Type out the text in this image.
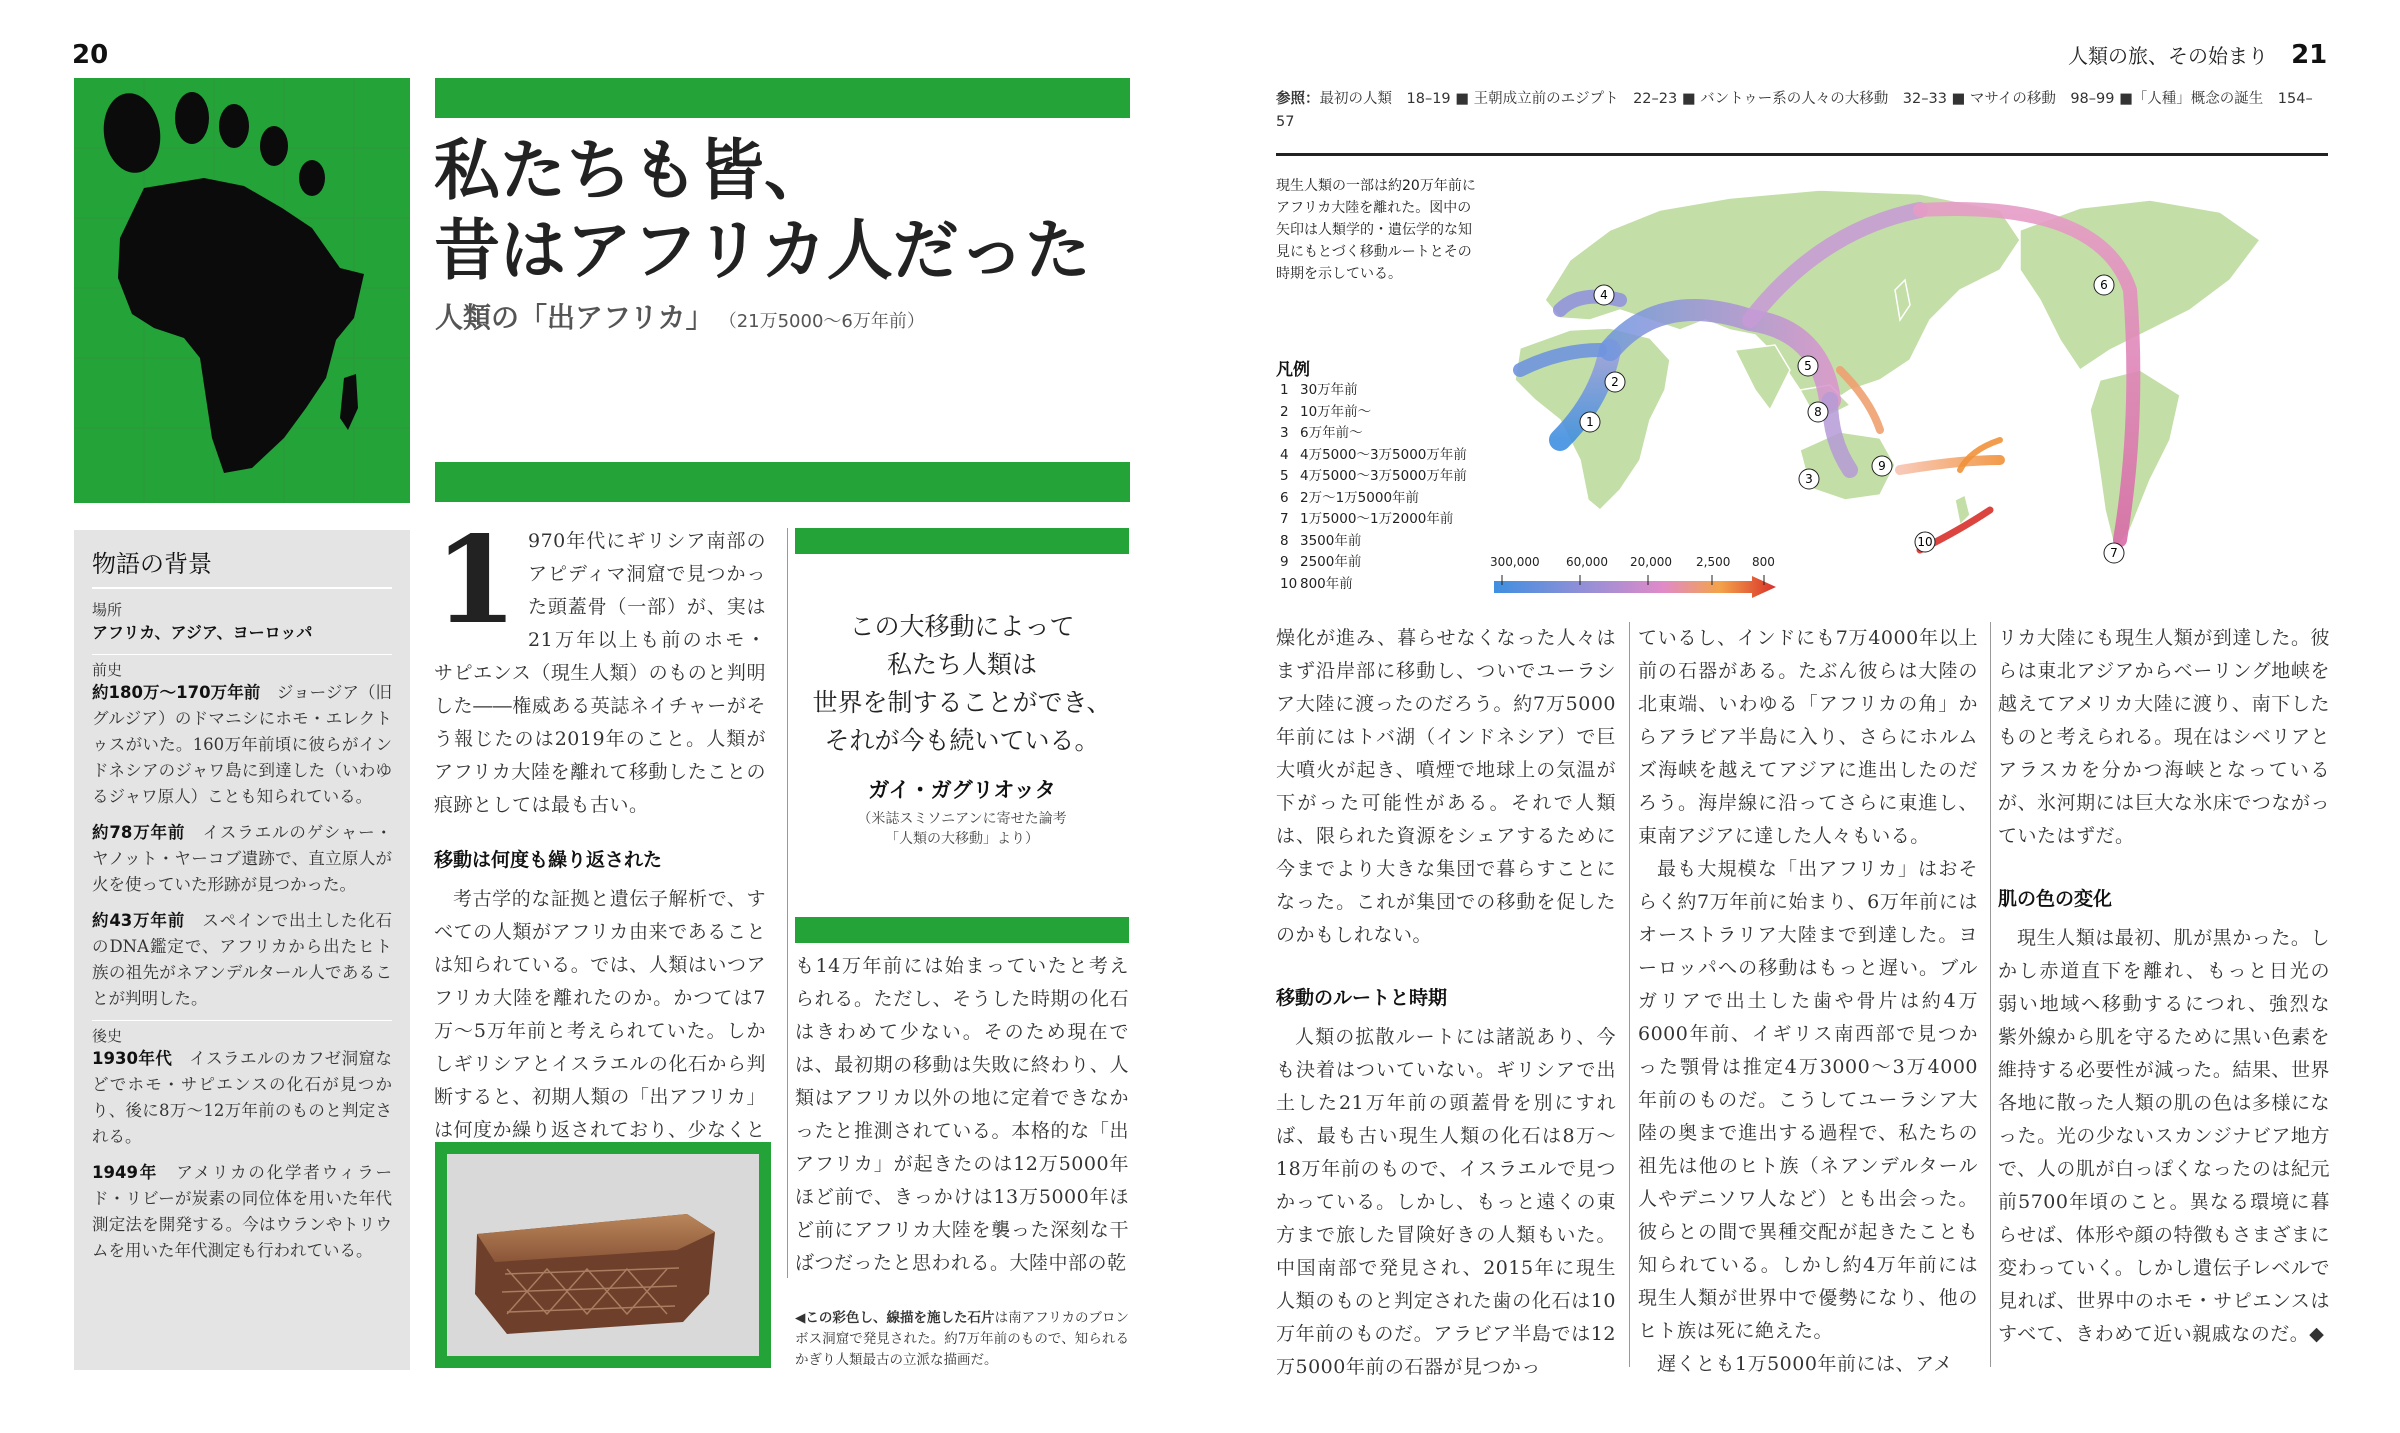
20
私たちも皆、
昔はアフリカ人だった
人類の「出アフリカ」 （21万5000～6万年前）
物語の背景
場所
アフリカ、アジア、ヨーロッパ
前史
約180万～170万年前　 ジョージア（旧グルジア）のドマニシにホモ・エレクトゥスがいた。160万年前頃に彼らがインドネシアのジャワ島に到達した（いわゆるジャワ原人）ことも知られている。
約78万年前　 イスラエルのゲシャー・ヤノット・ヤーコブ遺跡で、直立原人が火を使っていた形跡が見つかった。
約43万年前　 スペインで出土した化石のDNA鑑定で、アフリカから出たヒト族の祖先がネアンデルタール人であることが判明した。
後史
1930年代　 イスラエルのカフゼ洞窟などでホモ・サピエンスの化石が見つかり、後に8万～12万年前のものと判定される。
1949年　 アメリカの化学者ウィラード・リビーが炭素の同位体を用いた年代測定法を開発する。今はウランやトリウムを用いた年代測定も行われている。
1 970年代にギリシア南部のアピディマ洞窟で見つかった頭蓋骨（一部）が、実は21万年以上も前のホモ・サピエンス（現生人類）のものと判明した――権威ある英誌ネイチャーがそう報じたのは2019年のこと。人類がアフリカ大陸を離れて移動したことの痕跡としては最も古い。
移動は何度も繰り返された

考古学的な証拠と遺伝子解析で、すべての人類がアフリカ由来であることは知られている。では、人類はいつアフリカ大陸を離れたのか。かつては7万～5万年前と考えられていた。しかしギリシアとイスラエルの化石から判断すると、初期人類の「出アフリカ」は何度か繰り返されており、少なくと

この大移動によって
私たち人類は
世界を制することができ、
それが今も続いている。
ガイ・ガグリオッタ
（米誌スミソニアンに寄せた論考
「人類の大移動」より）

も14万年前には始まっていたと考えられる。ただし、そうした時期の化石はきわめて少ない。そのため現在では、最初期の移動は失敗に終わり、人類はアフリカ以外の地に定着できなかったと推測されている。本格的な「出アフリカ」が起きたのは12万5000年ほど前で、きっかけは13万5000年ほど前にアフリカ大陸を襲った深刻な干ばつだったと思われる。大陸中部の乾

◀この彩色し、線描を施した石片は南アフリカのブロンボス洞窟で発見された。約7万年前のもので、知られるかぎり人類最古の立派な描画だ。
人類の旅、その始まり 21
参照：最初の人類　18–19 ■ 王朝成立前のエジプト　22–23 ■ バントゥー系の人々の大移動　32–33 ■ マサイの移動　98–99 ■「人種」概念の誕生　154–57
現生人類の一部は約20万年前にアフリカ大陸を離れた。図中の矢印は人類学的・遺伝学的な知見にもとづく移動ルートとその時期を示している。
凡例
1 30万年前
2 10万年前～
3 6万年前～
4 4万5000～3万5000万年前
5 4万5000～3万5000万年前
6 2万～1万5000年前
7 1万5000～1万2000年前
8 3500年前
9 2500年前
10 800年前
300,000 60,000 20,000 2,500 800
1
2
3
4
5
6
7
8
9
10

燥化が進み、暮らせなくなった人々はまず沿岸部に移動し、ついでユーラシア大陸に渡ったのだろう。約7万5000年前にはトバ湖（インドネシア）で巨大噴火が起き、噴煙で地球上の気温が下がった可能性がある。それで人類は、限られた資源をシェアするために今までより大きな集団で暮らすことになった。これが集団での移動を促したのかもしれない。

移動のルートと時期

人類の拡散ルートには諸説あり、今も決着はついていない。ギリシアで出土した21万年前の頭蓋骨を別にすれば、最も古い現生人類の化石は8万～18万年前のもので、イスラエルで見つかっている。しかし、もっと遠くの東方まで旅した冒険好きの人類もいた。中国南部で発見され、2015年に現生人類のものと判定された歯の化石は10万年前のものだ。アラビア半島では12万5000年前の石器が見つかっ

ているし、インドにも7万4000年以上前の石器がある。たぶん彼らは大陸の北東端、いわゆる「アフリカの角」からアラビア半島に入り、さらにホルムズ海峡を越えてアジアに進出したのだろう。海岸線に沿ってさらに東進し、東南アジアに達した人々もいる。

最も大規模な「出アフリカ」はおそらく約7万年前に始まり、6万年前にはオーストラリア大陸まで到達した。ヨーロッパへの移動はもっと遅い。ブルガリアで出土した歯や骨片は約4万6000年前、イギリス南西部で見つかった顎骨は推定4万3000～3万4000年前のものだ。こうしてユーラシア大陸の奥まで進出する過程で、私たちの祖先は他のヒト族（ネアンデルタール人やデニソワ人など）とも出会った。彼らとの間で異種交配が起きたことも知られている。しかし約4万年前には現生人類が世界中で優勢になり、他のヒト族は死に絶えた。

遅くとも1万5000年前には、アメ

リカ大陸にも現生人類が到達した。彼らは東北アジアからベーリング地峡を越えてアメリカ大陸に渡り、南下したものと考えられる。現在はシベリアとアラスカを分かつ海峡となっているが、氷河期には巨大な氷床でつながっていたはずだ。

肌の色の変化

現生人類は最初、肌が黒かった。しかし赤道直下を離れ、もっと日光の弱い地域へ移動するにつれ、強烈な紫外線から肌を守るために黒い色素を維持する必要性が減った。結果、世界各地に散った人類の肌の色は多様になった。光の少ないスカンジナビア地方で、人の肌が白っぽくなったのは紀元前5700年頃のこと。異なる環境に暮らせば、体形や顔の特徴もさまざまに変わっていく。しかし遺伝子レベルで見れば、世界中のホモ・サピエンスはすべて、きわめて近い親戚なのだ。◆
